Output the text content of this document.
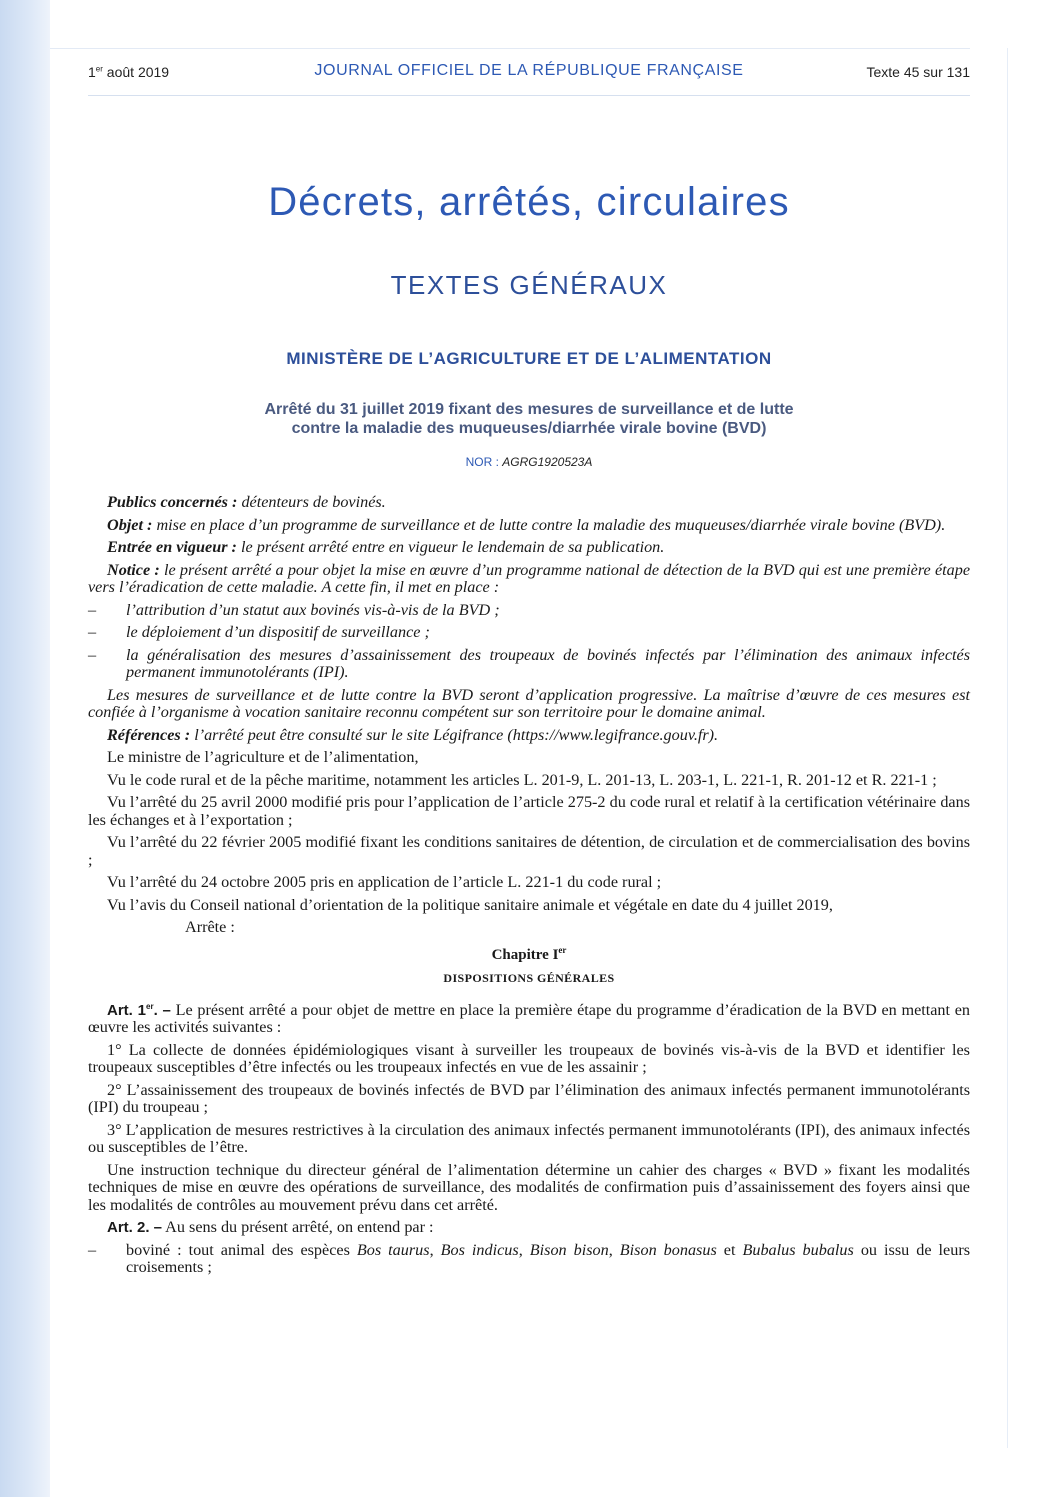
1er août 2019	JOURNAL OFFICIEL DE LA RÉPUBLIQUE FRANÇAISE	Texte 45 sur 131
Décrets, arrêtés, circulaires
TEXTES GÉNÉRAUX
MINISTÈRE DE L’AGRICULTURE ET DE L’ALIMENTATION
Arrêté du 31 juillet 2019 fixant des mesures de surveillance et de lutte
contre la maladie des muqueuses/diarrhée virale bovine (BVD)
NOR : AGRG1920523A

Publics concernés : détenteurs de bovinés.

Objet : mise en place d’un programme de surveillance et de lutte contre la maladie des muqueuses/diarrhée virale bovine (BVD).

Entrée en vigueur : le présent arrêté entre en vigueur le lendemain de sa publication.

Notice : le présent arrêté a pour objet la mise en œuvre d’un programme national de détection de la BVD qui est une première étape vers l’éradication de cette maladie. A cette fin, il met en place :

– l’attribution d’un statut aux bovinés vis-à-vis de la BVD ;

– le déploiement d’un dispositif de surveillance ;

– la généralisation des mesures d’assainissement des troupeaux de bovinés infectés par l’élimination des animaux infectés permanent immunotolérants (IPI).

Les mesures de surveillance et de lutte contre la BVD seront d’application progressive. La maîtrise d’œuvre de ces mesures est confiée à l’organisme à vocation sanitaire reconnu compétent sur son territoire pour le domaine animal.

Références : l’arrêté peut être consulté sur le site Légifrance (https://www.legifrance.gouv.fr).

Le ministre de l’agriculture et de l’alimentation,

Vu le code rural et de la pêche maritime, notamment les articles L. 201-9, L. 201-13, L. 203-1, L. 221-1, R. 201-12 et R. 221-1 ;

Vu l’arrêté du 25 avril 2000 modifié pris pour l’application de l’article 275-2 du code rural et relatif à la certification vétérinaire dans les échanges et à l’exportation ;

Vu l’arrêté du 22 février 2005 modifié fixant les conditions sanitaires de détention, de circulation et de commercialisation des bovins ;

Vu l’arrêté du 24 octobre 2005 pris en application de l’article L. 221-1 du code rural ;

Vu l’avis du Conseil national d’orientation de la politique sanitaire animale et végétale en date du 4 juillet 2019,

Arrête :

Chapitre Ier

DISPOSITIONS GÉNÉRALES

Art. 1er. – Le présent arrêté a pour objet de mettre en place la première étape du programme d’éradication de la BVD en mettant en œuvre les activités suivantes :

1° La collecte de données épidémiologiques visant à surveiller les troupeaux de bovinés vis-à-vis de la BVD et identifier les troupeaux susceptibles d’être infectés ou les troupeaux infectés en vue de les assainir ;

2° L’assainissement des troupeaux de bovinés infectés de BVD par l’élimination des animaux infectés permanent immunotolérants (IPI) du troupeau ;

3° L’application de mesures restrictives à la circulation des animaux infectés permanent immunotolérants (IPI), des animaux infectés ou susceptibles de l’être.

Une instruction technique du directeur général de l’alimentation détermine un cahier des charges « BVD » fixant les modalités techniques de mise en œuvre des opérations de surveillance, des modalités de confirmation puis d’assainissement des foyers ainsi que les modalités de contrôles au mouvement prévu dans cet arrêté.

Art. 2. – Au sens du présent arrêté, on entend par :

– boviné : tout animal des espèces Bos taurus, Bos indicus, Bison bison, Bison bonasus et Bubalus bubalus ou issu de leurs croisements ;
